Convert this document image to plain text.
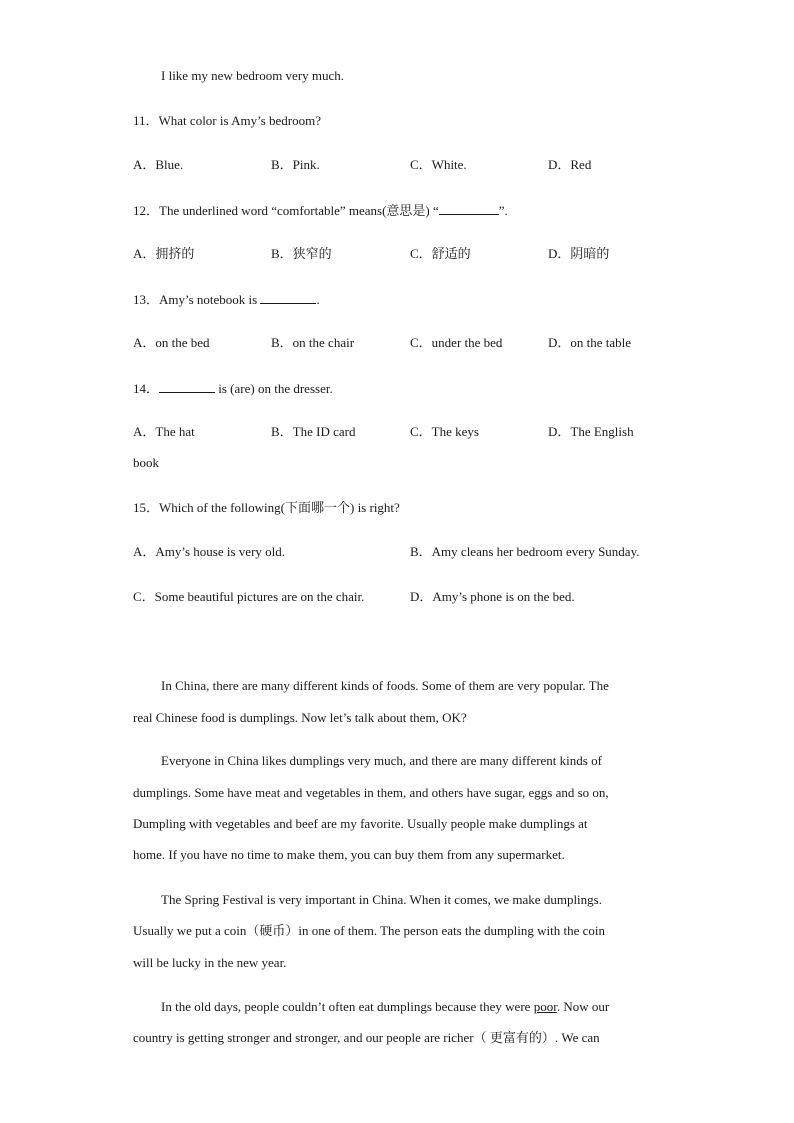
I like my new bedroom very much.
11．What color is Amy’s bedroom?
A．Blue.	B．Pink.	C．White.	D．Red
12．The underlined word “comfortable” means(意思是) “	”.
A．拥挤的	B．狭窄的	C．舒适的	D．阴暗的
13．Amy’s notebook is	.
A．on the bed	B．on the chair	C．under the bed	D．on the table
14．	is (are) on the dresser.
A．The hat	B．The ID card	C．The keys	D．The English
book
15．Which of the following(下面哪一个) is right?
A．Amy’s house is very old.	B．Amy cleans her bedroom every Sunday.
C．Some beautiful pictures are on the chair.	D．Amy’s phone is on the bed.
In China, there are many different kinds of foods. Some of them are very popular. The
real Chinese food is dumplings. Now let’s talk about them, OK?
Everyone in China likes dumplings very much, and there are many different kinds of
dumplings. Some have meat and vegetables in them, and others have sugar, eggs and so on,
Dumpling with vegetables and beef are my favorite. Usually people make dumplings at
home. If you have no time to make them, you can buy them from any supermarket.
The Spring Festival is very important in China. When it comes, we make dumplings.
Usually we put a coin（硬币）in one of them. The person eats the dumpling with the coin
will be lucky in the new year.
In the old days, people couldn’t often eat dumplings because they were poor. Now our
country is getting stronger and stronger, and our people are richer（ 更富有的）. We can
